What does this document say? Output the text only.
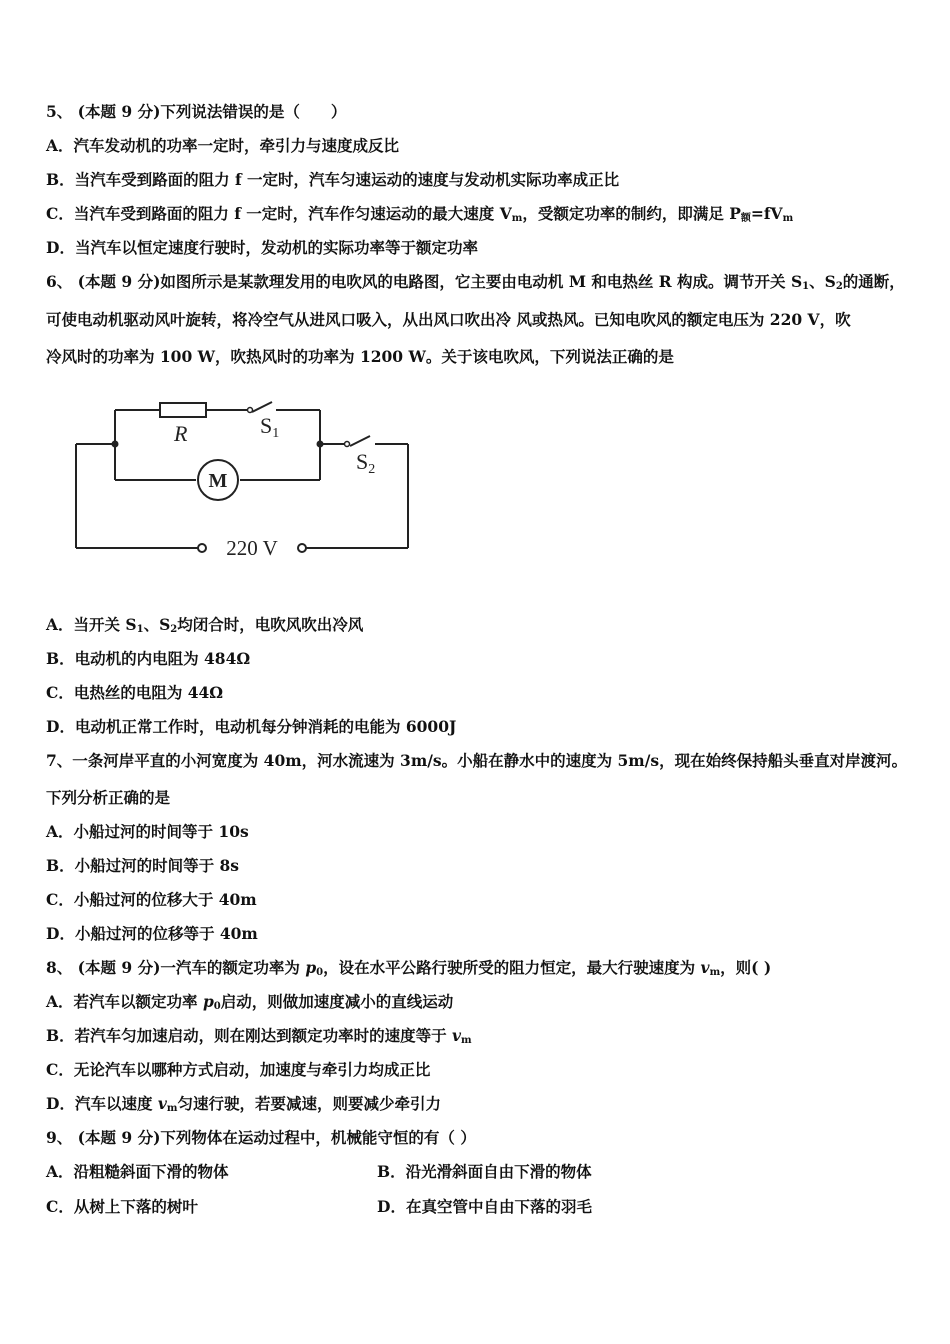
5、 (本题 9 分)下列说法错误的是（　　）
A．汽车发动机的功率一定时，牵引力与速度成反比
B．当汽车受到路面的阻力 f 一定时，汽车匀速运动的速度与发动机实际功率成正比
C．当汽车受到路面的阻力 f 一定时，汽车作匀速运动的最大速度 $V_m$，受额定功率的制约，即满足 $P_额=fV_m$
D．当汽车以恒定速度行驶时，发动机的实际功率等于额定功率
6、 (本题 9 分)如图所示是某款理发用的电吹风的电路图，它主要由电动机 M 和电热丝 R 构成。调节开关 $S_1$、$S_2$的通断，
可使电动机驱动风叶旋转，将冷空气从进风口吸入，从出风口吹出冷 风或热风。已知电吹风的额定电压为 220 V，吹
冷风时的功率为 100 W，吹热风时的功率为 1200 W。关于该电吹风，下列说法正确的是
R	S1
S2
M
220 V
A．当开关 $S_1$、$S_2$均闭合时，电吹风吹出冷风
B．电动机的内电阻为 484Ω
C．电热丝的电阻为 44Ω
D．电动机正常工作时，电动机每分钟消耗的电能为 6000J
7、一条河岸平直的小河宽度为 40m，河水流速为 3m/s。小船在静水中的速度为 5m/s，现在始终保持船头垂直对岸渡河。
下列分析正确的是
A．小船过河的时间等于 10s
B．小船过河的时间等于 8s
C．小船过河的位移大于 40m
D．小船过河的位移等于 40m
8、 (本题 9 分)一汽车的额定功率为 $p_0$，设在水平公路行驶所受的阻力恒定，最大行驶速度为 $v_m$，则( )
A．若汽车以额定功率 $p_0$启动，则做加速度减小的直线运动
B．若汽车匀加速启动，则在刚达到额定功率时的速度等于 $v_m$
C．无论汽车以哪种方式启动，加速度与牵引力均成正比
D．汽车以速度 $v_m$匀速行驶，若要减速，则要减少牵引力
9、 (本题 9 分)下列物体在运动过程中，机械能守恒的有（ ）
A．沿粗糙斜面下滑的物体	B．沿光滑斜面自由下滑的物体
C．从树上下落的树叶	D．在真空管中自由下落的羽毛
